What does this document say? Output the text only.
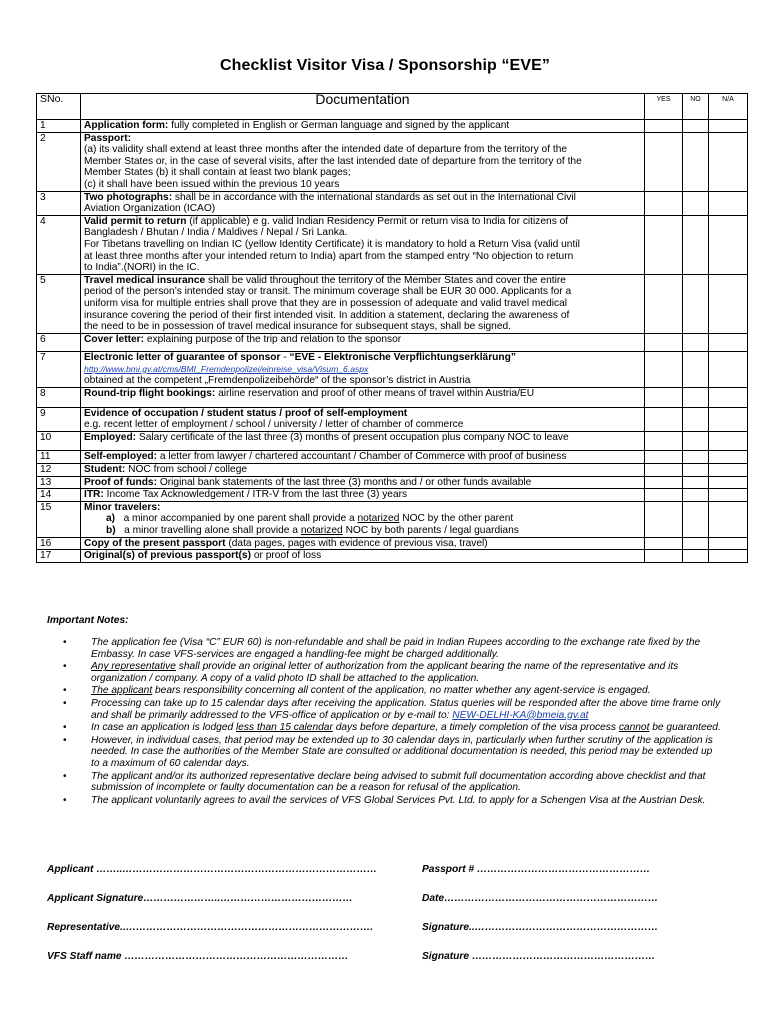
Checklist Visitor Visa / Sponsorship “EVE”
SNo.	Documentation	YES	NO	N/A
1	Application form: fully completed in English or German language and signed by the applicant			

2	Passport:
(a) its validity shall extend at least three months after the intended date of departure from the territory of the
Member States or, in the case of several visits, after the last intended date of departure from the territory of the
Member States (b) it shall contain at least two blank pages;
(c) it shall have been issued within the previous 10 years			

3	Two photographs: shall be in accordance with the international standards as set out in the International Civil
Aviation Organization (ICAO)			

4	Valid permit to return (if applicable) e g. valid Indian Residency Permit or return visa to India for citizens of
Bangladesh / Bhutan / India / Maldives / Nepal / Sri Lanka.
For Tibetans travelling on Indian IC (yellow Identity Certificate) it is mandatory to hold a Return Visa (valid until
at least three months after your intended return to India) apart from the stamped entry “No objection to return
to India”.(NORI) in the IC.			

5	Travel medical insurance shall be valid throughout the territory of the Member States and cover the entire
period of the person’s intended stay or transit. The minimum coverage shall be EUR 30 000. Applicants for a
uniform visa for multiple entries shall prove that they are in possession of adequate and valid travel medical
insurance covering the period of their first intended visit. In addition a statement, declaring the awareness of
the need to be in possession of travel medical insurance for subsequent stays, shall be signed.			

6	Cover letter: explaining purpose of the trip and relation to the sponsor			

7	Electronic letter of guarantee of sponsor - “EVE - Elektronische Verpflichtungserklärung”
http://www.bmi.gv.at/cms/BMI_Fremdenpolizei/einreise_visa/Visum_6.aspx
obtained at the competent „Fremdenpolizeibehörde“ of the sponsor’s district in Austria			

8	Round-trip flight bookings: airline reservation and proof of other means of travel within Austria/EU			

9	Evidence of occupation / student status / proof of self-employment
e.g. recent letter of employment / school / university / letter of chamber of commerce			

10	Employed: Salary certificate of the last three (3) months of present occupation plus company NOC to leave			

11	Self-employed: a letter from lawyer / chartered accountant / Chamber of Commerce with proof of business			

12	Student: NOC from school / college			

13	Proof of funds: Original bank statements of the last three (3) months and / or other funds available			

14	ITR: Income Tax Acknowledgement / ITR-V from the last three (3) years			

15	Minor travelers:
a) a minor accompanied by one parent shall provide a notarized NOC by the other parent
b) a minor travelling alone shall provide a notarized NOC by both parents / legal guardians			

16	Copy of the present passport (data pages, pages with evidence of previous visa, travel)			

17	Original(s) of previous passport(s) or proof of loss			

Important Notes:
• The application fee (Visa “C” EUR 60) is non-refundable and shall be paid in Indian Rupees according to the exchange rate fixed by the Embassy. In case VFS-services are engaged a handling-fee might be charged additionally.
• Any representative shall provide an original letter of authorization from the applicant bearing the name of the representative and its organization / company. A copy of a valid photo ID shall be attached to the application.
• The applicant bears responsibility concerning all content of the application, no matter whether any agent-service is engaged.
• Processing can take up to 15 calendar days after receiving the application. Status queries will be responded after the above time frame only and shall be primarily addressed to the VFS-office of application or by e-mail to: NEW-DELHI-KA@bmeia.gv.at
• In case an application is lodged less than 15 calendar days before departure, a timely completion of the visa process cannot be guaranteed.
• However, in individual cases, that period may be extended up to 30 calendar days in, particularly when further scrutiny of the application is needed. In case the authorities of the Member State are consulted or additional documentation is needed, this period may be extended up to a maximum of 60 calendar days.
• The applicant and/or its authorized representative declare being advised to submit full documentation according above checklist and that submission of incomplete or faulty documentation can be a reason for refusal of the application.
• The applicant voluntarily agrees to avail the services of VFS Global Services Pvt. Ltd. to apply for a Schengen Visa at the Austrian Desk.
Applicant ……..…………………………………………………………………	Passport # ……………………………………………
Applicant Signature…………………..…………………………………	Date………………………………………………………
Representative..……………………………………………………………….	Signature..………………………………………………
VFS Staff name …………………………………………………………	Signature ………………………………………………
